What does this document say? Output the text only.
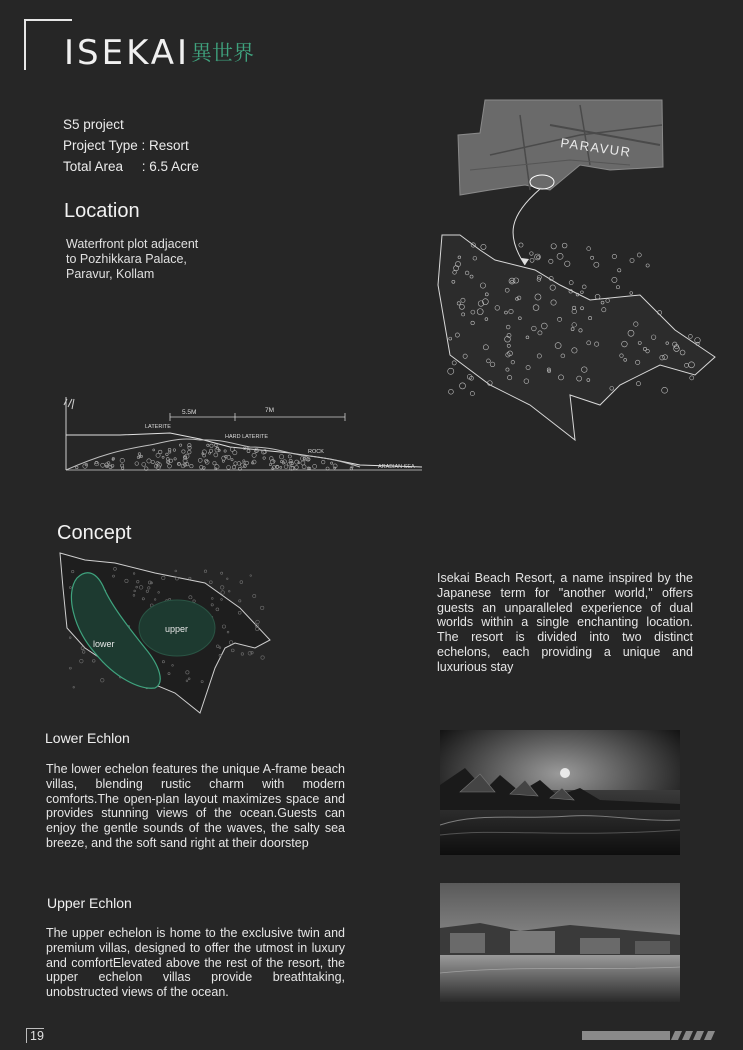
ISEKAI 異世界
S5 project
Project Type : Resort
Total Area     : 6.5 Acre
Location
Waterfront plot adjacent
to Pozhikkara Palace,
Paravur, Kollam
PARAVUR
5.5M	7M
LATERITE
HARD LATERITE
ROCK
ARABIAN SEA
Concept
lower
upper
Isekai Beach Resort, a name inspired by the Japanese term for "another world," offers guests an unparalleled experience of dual worlds within a single enchanting location. The resort is divided into two distinct echelons, each providing a unique and luxurious stay
Lower Echlon
The lower echelon features the unique A-frame beach villas, blending rustic charm with modern comforts.The open-plan layout maximizes space and provides stunning views of the ocean.Guests can enjoy the gentle sounds of the waves, the salty sea breeze, and the soft sand right at their doorstep
Upper Echlon
The upper echelon is home to the exclusive twin and premium villas, designed to offer the utmost in luxury and comfortElevated above the rest of the resort, the upper echelon villas provide breathtaking, unobstructed views of the ocean.
19
